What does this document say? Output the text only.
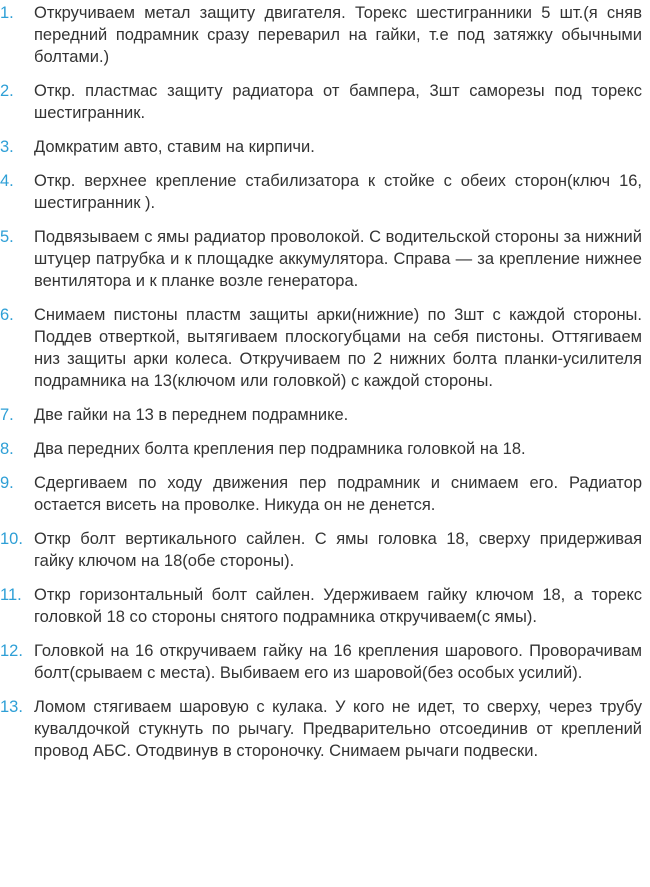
1.	Откручиваем метал защиту двигателя. Торекс шестигранники 5 шт.(я сняв передний подрамник сразу переварил на гайки, т.е под затяжку обычными болтами.)
2.	Откр. пластмас защиту радиатора от бампера, 3шт саморезы под торекс шестигранник.
3.	Домкратим авто, ставим на кирпичи.
4.	Откр. верхнее крепление стабилизатора к стойке с обеих сторон(ключ 16, шестигранник ).
5.	Подвязываем с ямы радиатор проволокой. С водительской стороны за нижний штуцер патрубка и к площадке аккумулятора. Справа — за крепление нижнее вентилятора и к планке возле генератора.
6.	Снимаем пистоны пластм защиты арки(нижние) по 3шт с каждой стороны. Поддев отверткой, вытягиваем плоскогубцами на себя пистоны. Оттягиваем низ защиты арки колеса. Откручиваем по 2 нижних болта планки-усилителя подрамника на 13(ключом или головкой) с каждой стороны.
7.	Две гайки на 13 в переднем подрамнике.
8.	Два передних болта крепления пер подрамника головкой на 18.
9.	Сдергиваем по ходу движения пер подрамник и снимаем его. Радиатор остается висеть на проволке. Никуда он не денется.
10. Откр болт вертикального сайлен. С ямы головка 18, сверху придерживая гайку ключом на 18(обе стороны).
11. Откр горизонтальный болт сайлен. Удерживаем гайку ключом 18, а торекс головкой 18 со стороны снятого подрамника откручиваем(с ямы).
12. Головкой на 16 откручиваем гайку на 16 крепления шарового. Проворачивам болт(срываем с места). Выбиваем его из шаровой(без особых усилий).
13. Ломом стягиваем шаровую с кулака. У кого не идет, то сверху, через трубу кувалдочкой стукнуть по рычагу. Предварительно отсоединив от креплений провод АБС. Отодвинув в стороночку. Снимаем рычаги подвески.
